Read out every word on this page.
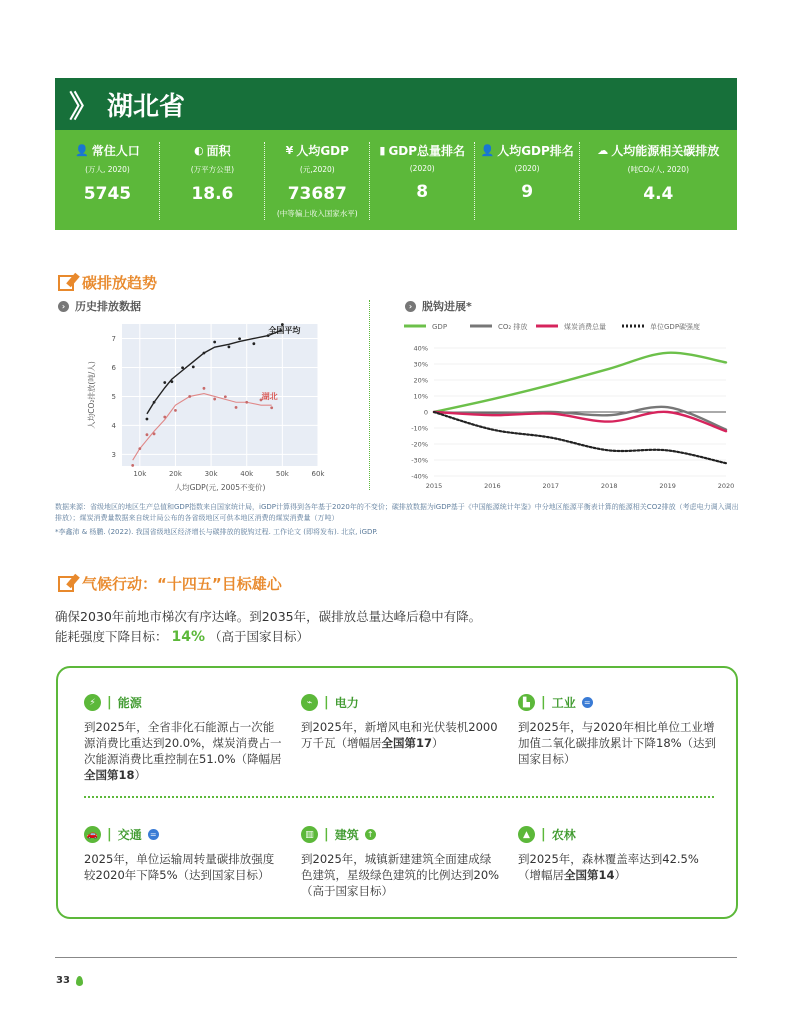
》 湖北省
👤 常住人口
(万人, 2020)
5745
◐ 面积
(万平方公里)
18.6
¥ 人均GDP
(元,2020)
73687
(中等偏上收入国家水平)
▮ GDP总量排名
(2020)
8
👤 人均GDP排名
(2020)
9
☁ 人均能源相关碳排放
(吨CO₂/人, 2020)
4.4
碳排放趋势
› 历史排放数据	› 脱钩进展*
10k	20k	30k	40k	50k	60k
3
4
5
6
7
人均GDP(元, 2005不变价)
人均CO₂排放(吨/人)
全国平均
湖北
GDP	CO₂ 排放	煤炭消费总量	单位GDP碳强度
40%
30%
20%
10%
0
-10%
-20%
-30%
-40%
2015	2016	2017	2018	2019	2020
数据来源：省级地区的地区生产总值和GDP指数来自国家统计局，iGDP计算得到各年基于2020年的不变价；碳排放数据为iGDP基于《中国能源统计年鉴》中分地区能源平衡表计算的能源相关CO2排放（考虑电力调入调出排放）；煤炭消费量数据来自统计局公布的各省级地区可供本地区消费的煤炭消费量（万吨）
*李鑫沛 & 杨鹏. (2022). 我国省级地区经济增长与碳排放的脱钩过程. 工作论文 (即将发布). 北京, iGDP.
气候行动：“十四五”目标雄心
确保2030年前地市梯次有序达峰。到2035年，碳排放总量达峰后稳中有降。
能耗强度下降目标： 14% （高于国家目标）
⚡ | 能源
到2025年，全省非化石能源占一次能源消费比重达到20.0%，煤炭消费占一次能源消费比重控制在51.0%（降幅居全国第18）
⌁ | 电力
到2025年，新增风电和光伏装机2000万千瓦（增幅居全国第17）
▙ | 工业 =
到2025年，与2020年相比单位工业增加值二氧化碳排放累计下降18%（达到国家目标）
🚗 | 交通 =
2025年，单位运输周转量碳排放强度较2020年下降5%（达到国家目标）
▥ | 建筑 ↑
到2025年，城镇新建建筑全面建成绿色建筑，星级绿色建筑的比例达到20%（高于国家目标）
▲ | 农林
到2025年，森林覆盖率达到42.5%（增幅居全国第14）
33
